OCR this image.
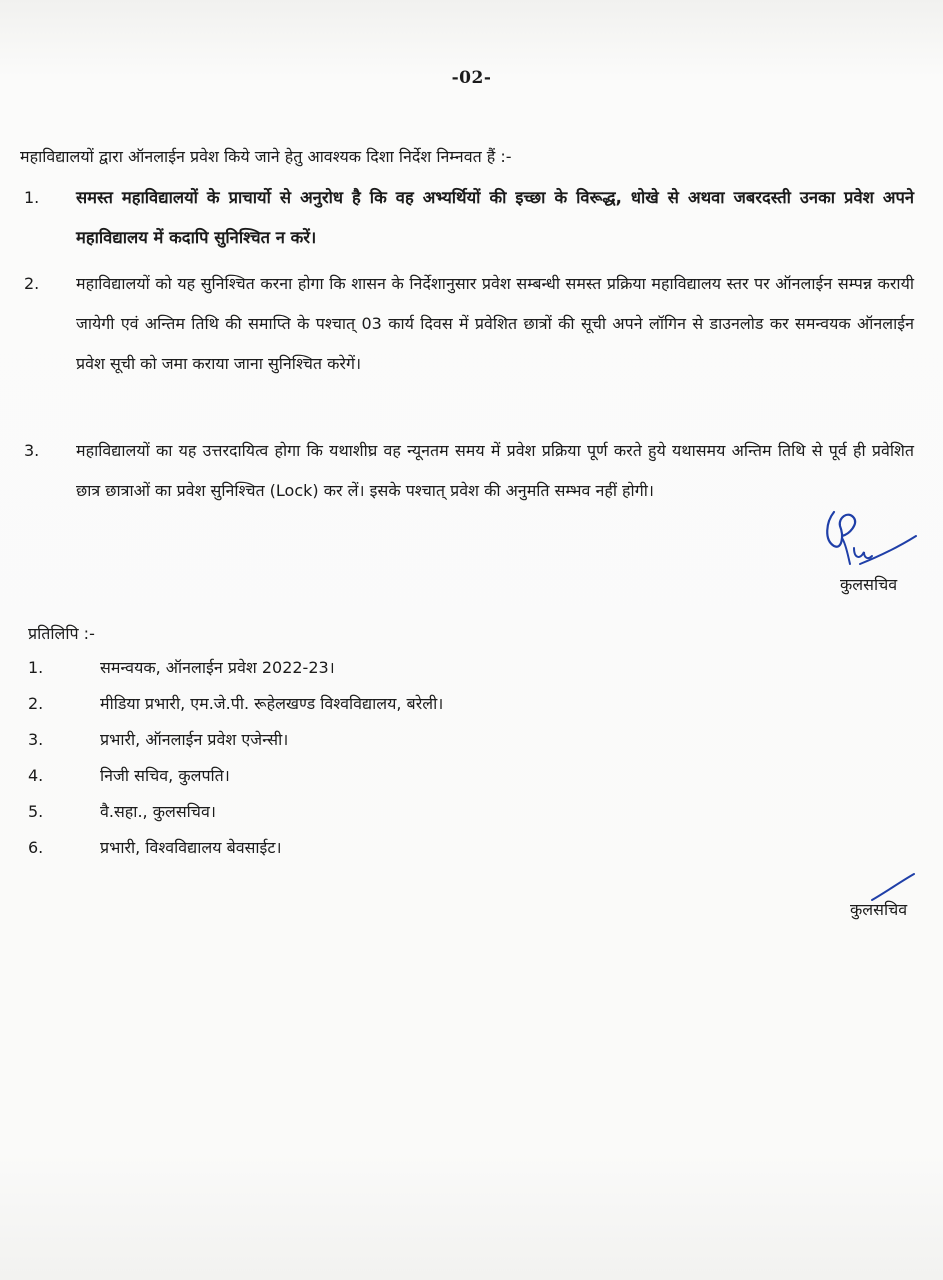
-02-
महाविद्यालयों द्वारा ऑनलाईन प्रवेश किये जाने हेतु आवश्यक दिशा निर्देश निम्नवत हैं :-
1. समस्त महाविद्यालयों के प्राचार्यो से अनुरोध है कि वह अभ्यर्थियों की इच्छा के विरूद्ध, धोखे से अथवा जबरदस्ती उनका प्रवेश अपने महाविद्यालय में कदापि सुनिश्चित न करें।
2. महाविद्यालयों को यह सुनिश्चित करना होगा कि शासन के निर्देशानुसार प्रवेश सम्बन्धी समस्त प्रक्रिया महाविद्यालय स्तर पर ऑनलाईन सम्पन्न करायी जायेगी एवं अन्तिम तिथि की समाप्ति के पश्चात् 03 कार्य दिवस में प्रवेशित छात्रों की सूची अपने लॉगिन से डाउनलोड कर समन्वयक ऑनलाईन प्रवेश सूची को जमा कराया जाना सुनिश्चित करेगें।
3. महाविद्यालयों का यह उत्तरदायित्व होगा कि यथाशीघ्र वह न्यूनतम समय में प्रवेश प्रक्रिया पूर्ण करते हुये यथासमय अन्तिम तिथि से पूर्व ही प्रवेशित छात्र छात्राओं का प्रवेश सुनिश्चित (Lock) कर लें। इसके पश्चात् प्रवेश की अनुमति सम्भव नहीं होगी।
कुलसचिव
प्रतिलिपि :-
1.	समन्वयक, ऑनलाईन प्रवेश 2022-23।
2.	मीडिया प्रभारी, एम.जे.पी. रूहेलखण्ड विश्वविद्यालय, बरेली।
3.	प्रभारी, ऑनलाईन प्रवेश एजेन्सी।
4.	निजी सचिव, कुलपति।
5.	वै.सहा., कुलसचिव।
6.	प्रभारी, विश्वविद्यालय बेवसाईट।
कुलसचिव
